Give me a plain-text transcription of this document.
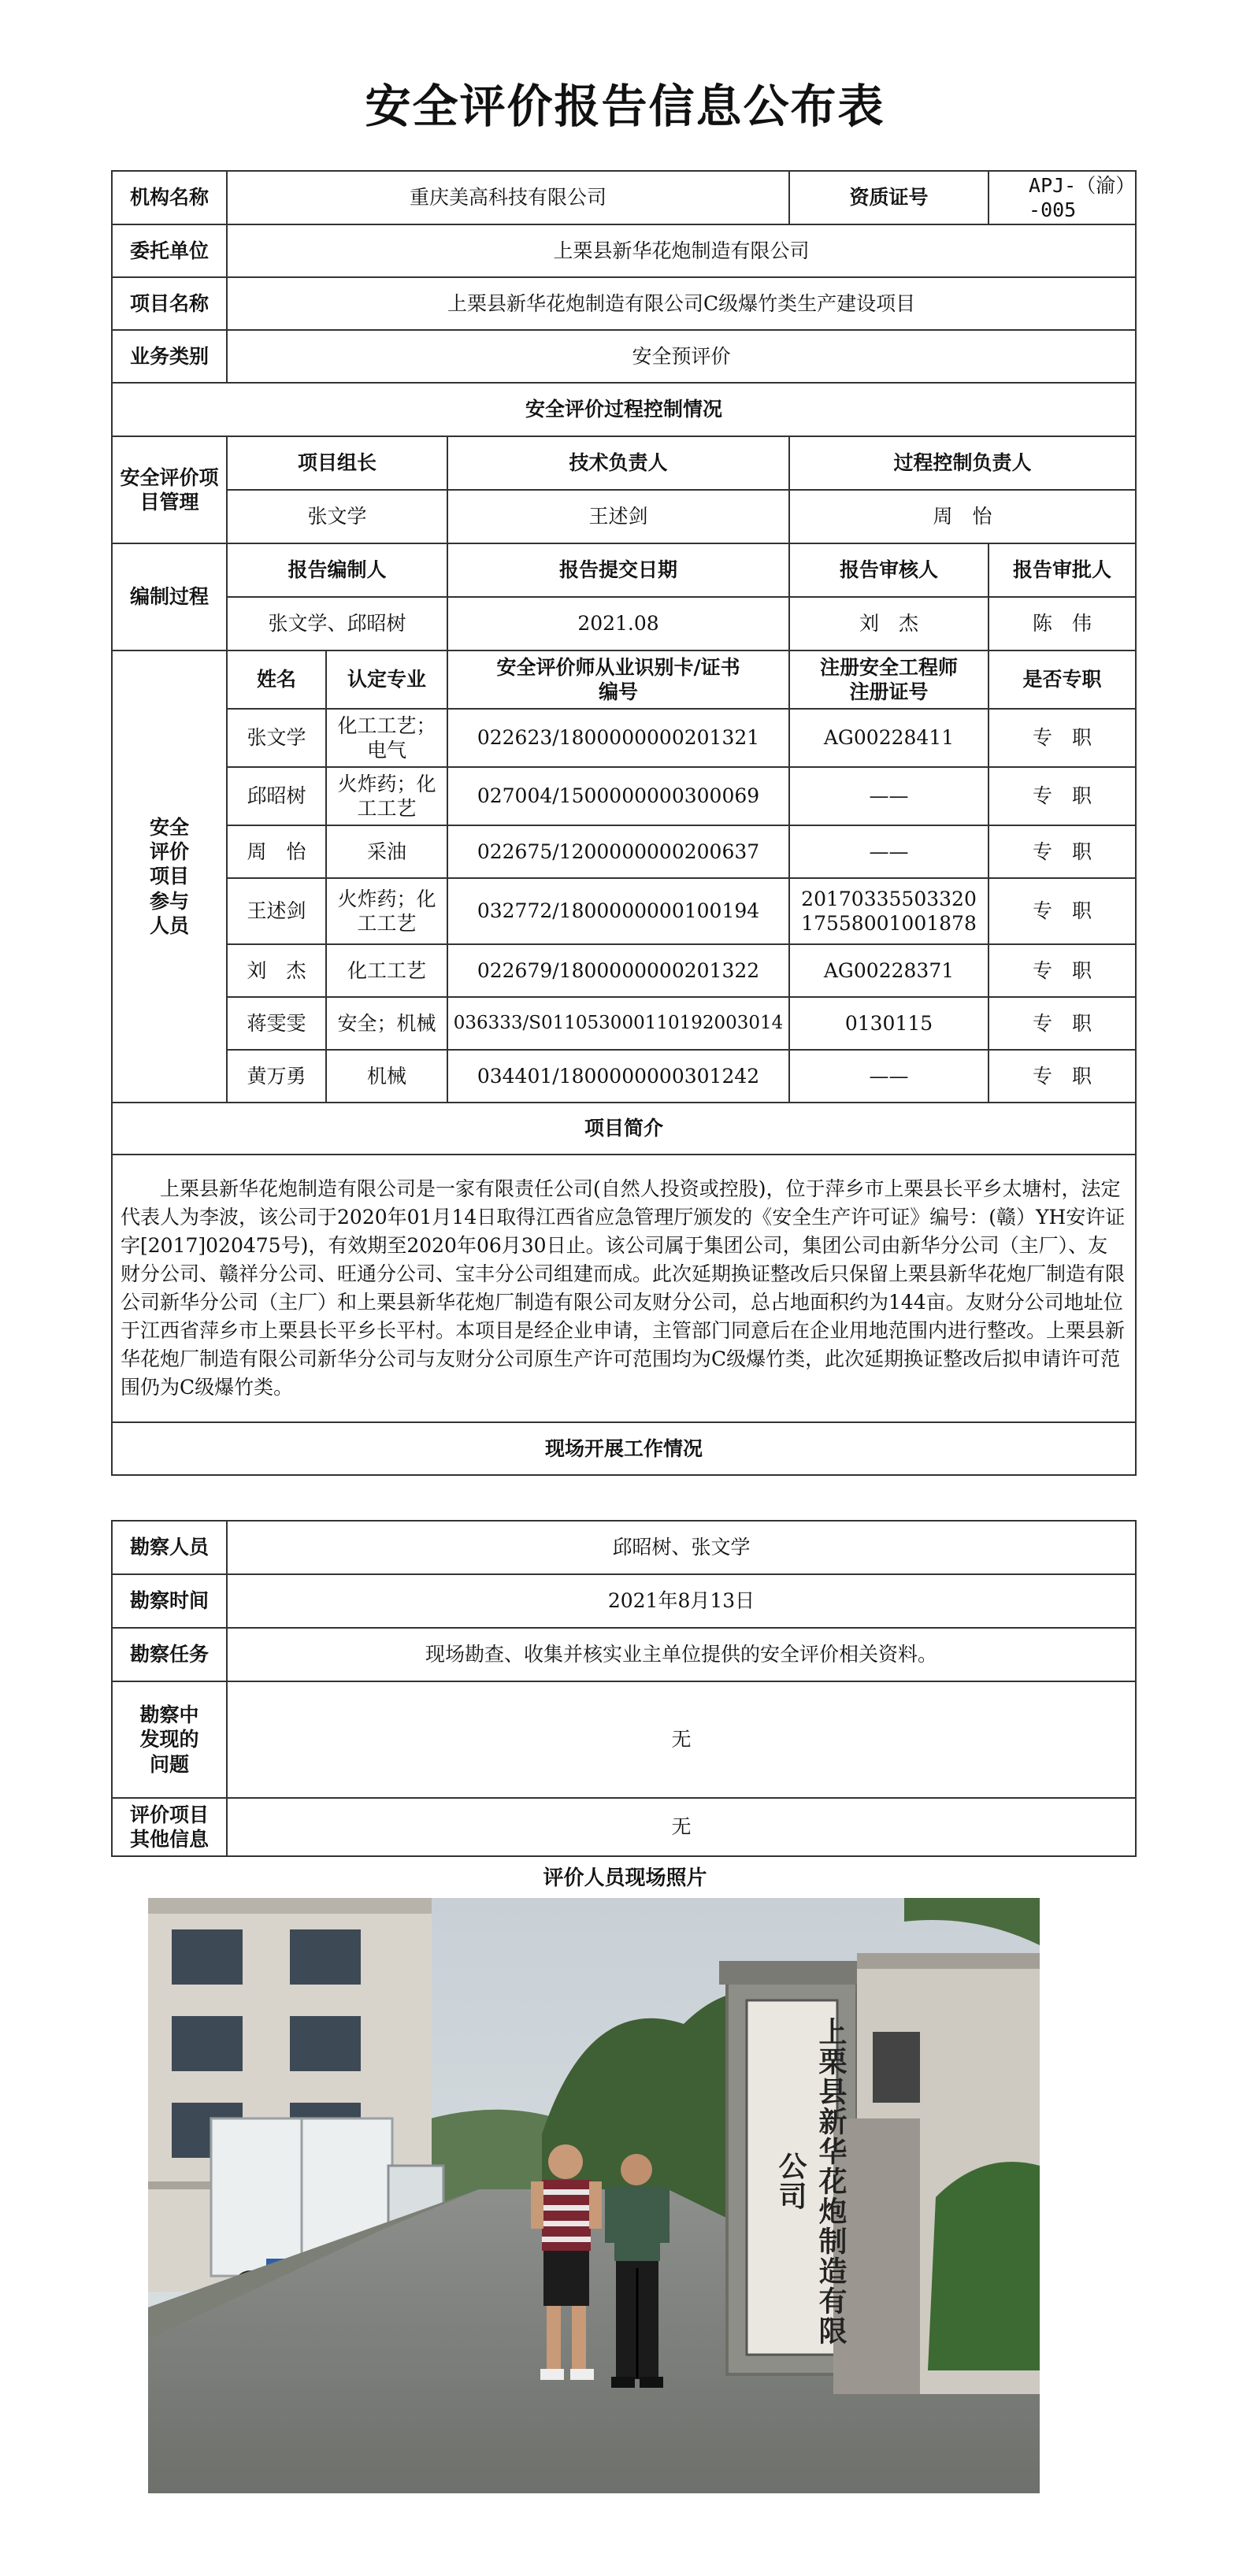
安全评价报告信息公布表
机构名称	重庆美高科技有限公司			资质证号	APJ-（渝）-005
委托单位	上栗县新华花炮制造有限公司				
项目名称	上栗县新华花炮制造有限公司C级爆竹类生产建设项目				
业务类别	安全预评价				
安全评价过程控制情况					
安全评价项目管理	项目组长		技术负责人	过程控制负责人	
	张文学		王述剑	周　怡	
编制过程	报告编制人		报告提交日期	报告审核人	报告审批人
	张文学、邱昭树		2021.08	刘　杰	陈　伟
安全评价项目参与人员	姓名	认定专业	安全评价师从业识别卡/证书编号	注册安全工程师注册证号	是否专职
	张文学	化工工艺；电气	022623/1800000000201321	AG00228411	专　职
	邱昭树	火炸药；化工工艺	027004/1500000000300069	——	专　职
	周　怡	采油	022675/1200000000200637	——	专　职
	王述剑	火炸药；化工工艺	032772/1800000000100194	2017033550332017558001001878	专　职
	刘　杰	化工工艺	022679/1800000000201322	AG00228371	专　职
	蒋雯雯	安全；机械	036333/S011053000110192003014	0130115	专　职
	黄万勇	机械	034401/1800000000301242	——	专　职
项目简介					
上栗县新华花炮制造有限公司是一家有限责任公司(自然人投资或控股)，位于萍乡市上栗县长平乡太塘村，法定代表人为李波，该公司于2020年01月14日取得江西省应急管理厅颁发的《安全生产许可证》编号：(赣）YH安许证字[2017]020475号)，有效期至2020年06月30日止。该公司属于集团公司，集团公司由新华分公司（主厂）、友财分公司、赣祥分公司、旺通分公司、宝丰分公司组建而成。此次延期换证整改后只保留上栗县新华花炮厂制造有限公司新华分公司（主厂）和上栗县新华花炮厂制造有限公司友财分公司，总占地面积约为144亩。友财分公司地址位于江西省萍乡市上栗县长平乡长平村。本项目是经企业申请，主管部门同意后在企业用地范围内进行整改。上栗县新华花炮厂制造有限公司新华分公司与友财分公司原生产许可范围均为C级爆竹类，此次延期换证整改后拟申请许可范围仍为C级爆竹类。					
现场开展工作情况					
勘察人员	邱昭树、张文学
勘察时间	2021年8月13日
勘察任务	现场勘查、收集并核实业主单位提供的安全评价相关资料。
勘察中发现的问题	无
评价项目其他信息	无
评价人员现场照片
上栗县新华花炮制造有限公司
